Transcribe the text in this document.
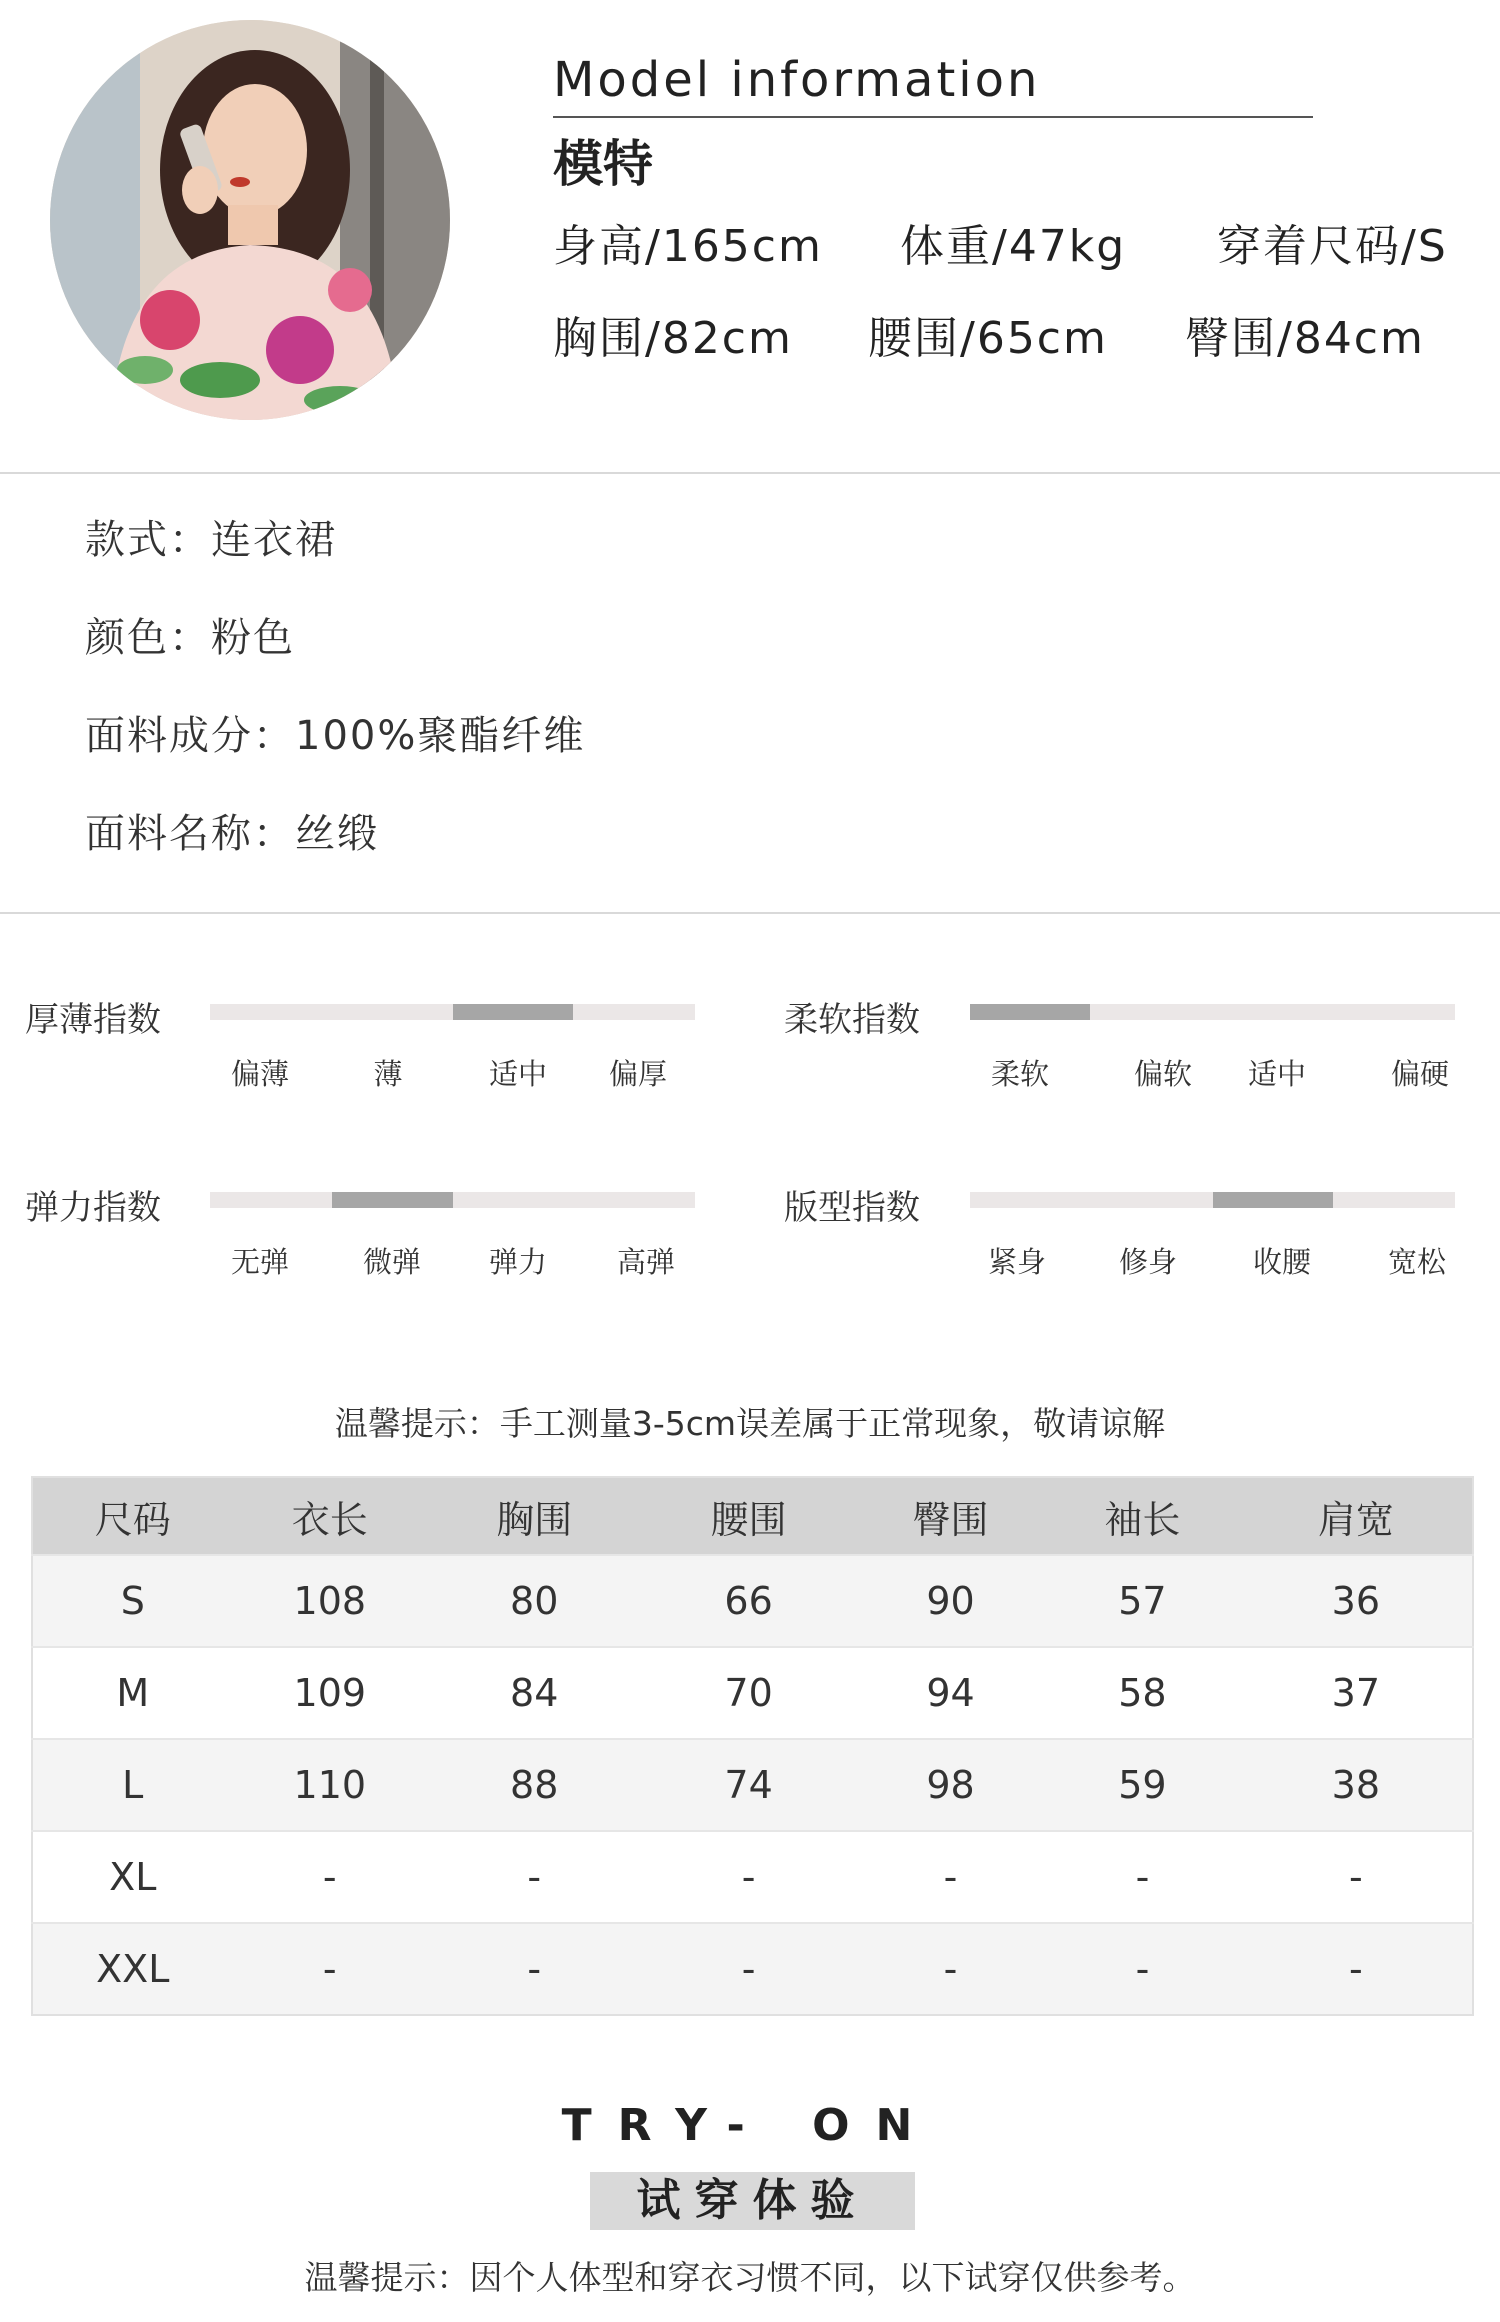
Model information
模特
身高/165cm 体重/47kg 穿着尺码/S
胸围/82cm 腰围/65cm 臀围/84cm
款式：连衣裙
颜色：粉色
面料成分：100%聚酯纤维
面料名称：丝缎
厚薄指数
偏薄	薄	适中	偏厚
柔软指数
柔软	偏软	适中	偏硬
弹力指数
无弹	微弹	弹力	高弹
版型指数
紧身	修身	收腰	宽松
温馨提示：手工测量3-5cm误差属于正常现象，敬请谅解
尺码	衣长	胸围	腰围	臀围	袖长	肩宽
S	108	80	66	90	57	36
M	109	84	70	94	58	37
L	110	88	74	98	59	38
XL	-	-	-	-	-	-
XXL	-	-	-	-	-	-
TRY- ON
试穿体验
温馨提示：因个人体型和穿衣习惯不同，以下试穿仅供参考。
